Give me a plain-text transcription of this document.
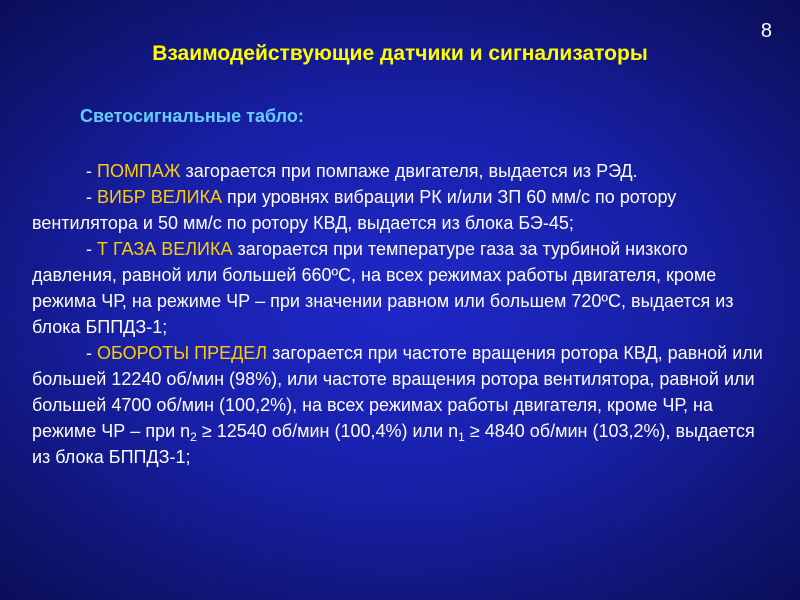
8
Взаимодействующие датчики и сигнализаторы
Светосигнальные табло:

- ПОМПАЖ загорается при помпаже двигателя, выдается из РЭД.

- ВИБР ВЕЛИКА при уровнях вибрации РК и/или ЗП 60 мм/с по ротору вентилятора и 50 мм/с по ротору КВД, выдается из блока БЭ-45;

- Т ГАЗА ВЕЛИКА загорается при температуре газа за турбиной низкого давления, равной или большей 660ºС, на всех режимах работы двигателя, кроме режима ЧР, на режиме ЧР – при значении равном или большем 720ºС, выдается из блока БППДЗ-1;

- ОБОРОТЫ ПРЕДЕЛ загорается при частоте вращения ротора КВД, равной или большей 12240 об/мин (98%), или частоте вращения ротора вентилятора, равной или большей 4700 об/мин (100,2%), на всех режимах работы двигателя, кроме ЧР, на режиме ЧР – при $n_2 \ge 12540$ об/мин (100,4%) или $n_1 \ge 4840$ об/мин (103,2%), выдается из блока БППДЗ-1;
